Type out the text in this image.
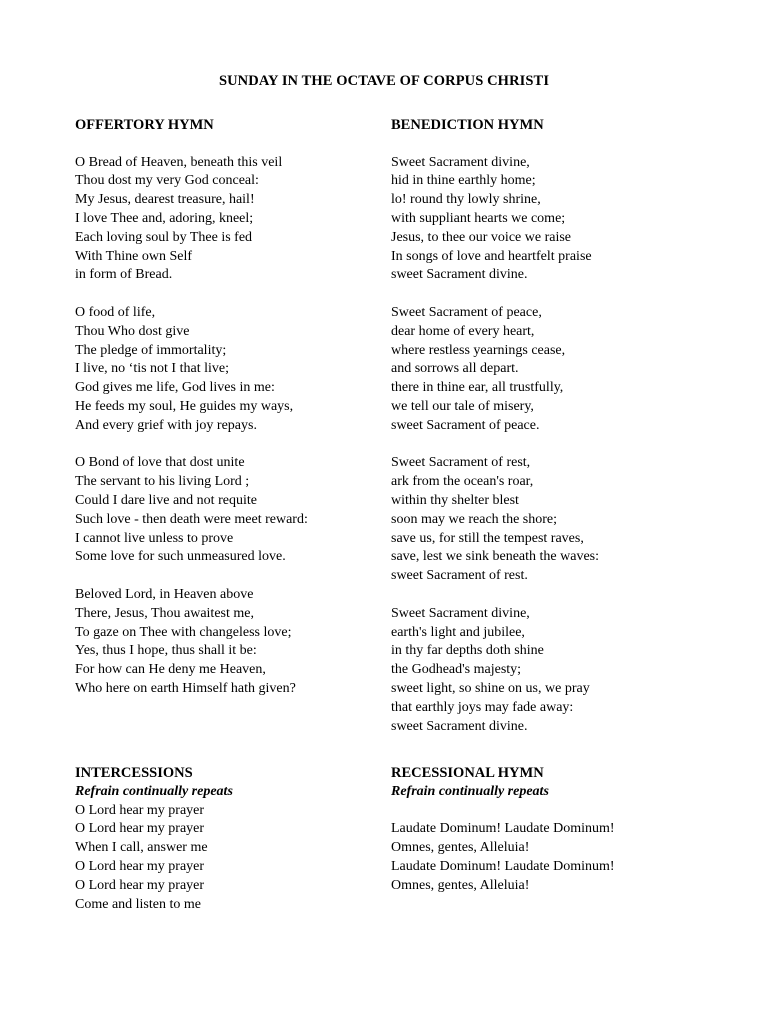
SUNDAY IN THE OCTAVE OF CORPUS CHRISTI
OFFERTORY HYMN
O Bread of Heaven, beneath this veil
Thou dost my very God conceal:
My Jesus, dearest treasure, hail!
I love Thee and, adoring, kneel;
Each loving soul by Thee is fed
With Thine own Self
in form of Bread.
O food of life,
Thou Who dost give
The pledge of immortality;
I live, no ‘tis not I that live;
God gives me life, God lives in me:
He feeds my soul, He guides my ways,
And every grief with joy repays.
O Bond of love that dost unite
The servant to his living Lord ;
Could I dare live and not requite
Such love - then death were meet reward:
I cannot live unless to prove
Some love for such unmeasured love.
Beloved Lord, in Heaven above
There, Jesus, Thou awaitest me,
To gaze on Thee with changeless love;
Yes, thus I hope, thus shall it be:
For how can He deny me Heaven,
Who here on earth Himself hath given?
BENEDICTION HYMN
Sweet Sacrament divine,
hid in thine earthly home;
lo! round thy lowly shrine,
with suppliant hearts we come;
Jesus, to thee our voice we raise
In songs of love and heartfelt praise
sweet Sacrament divine.
Sweet Sacrament of peace,
dear home of every heart,
where restless yearnings cease,
and sorrows all depart.
there in thine ear, all trustfully,
we tell our tale of misery,
sweet Sacrament of peace.
Sweet Sacrament of rest,
ark from the ocean's roar,
within thy shelter blest
soon may we reach the shore;
save us, for still the tempest raves,
save, lest we sink beneath the waves:
sweet Sacrament of rest.
Sweet Sacrament divine,
earth's light and jubilee,
in thy far depths doth shine
the Godhead's majesty;
sweet light, so shine on us, we pray
that earthly joys may fade away:
sweet Sacrament divine.
INTERCESSIONS
Refrain continually repeats
O Lord hear my prayer
O Lord hear my prayer
When I call, answer me
O Lord hear my prayer
O Lord hear my prayer
Come and listen to me
RECESSIONAL HYMN
Refrain continually repeats
Laudate Dominum! Laudate Dominum!
Omnes, gentes, Alleluia!
Laudate Dominum! Laudate Dominum!
Omnes, gentes, Alleluia!
